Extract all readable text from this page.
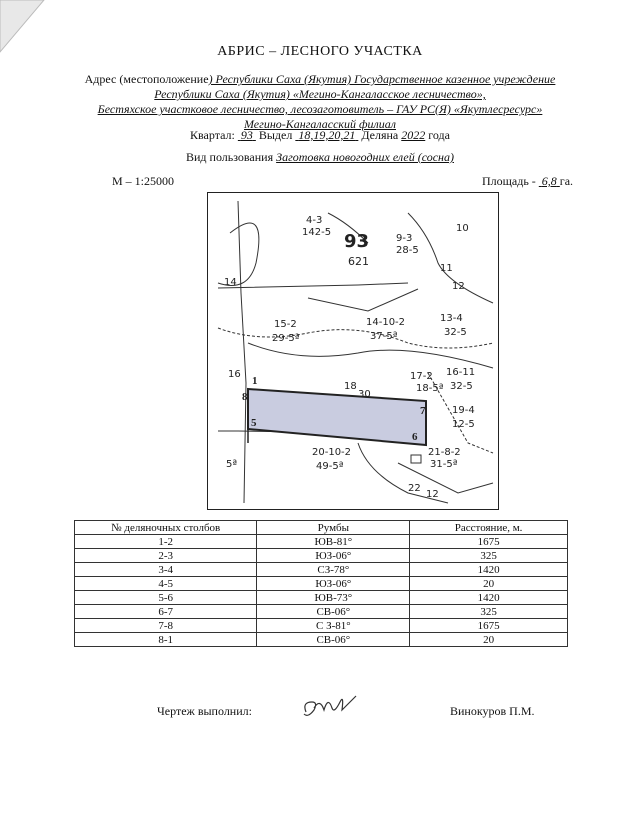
АБРИС – ЛЕСНОГО УЧАСТКА
Адрес (местоположение) Республики Саха (Якутия) Государственное казенное учреждение
Республики Саха (Якутия) «Мегино-Кангаласское лесничество»,
Бестяхское участковое лесничество, лесозаготовитель – ГАУ РС(Я) «Якутлесресурс»
Мегино-Кангаласский филиал
Квартал: 93 Выдел 18,19,20,21 Деляна 2022 года
Вид пользования Заготовка новогодних елей (сосна)
М – 1:25000	Площадь - 6,8 га.
93
621
4-3
142-5
9-3
28-5
10
11
12
15-2
29-5ª
14-10-2
37-5ª
13-4
32-5
18
30
17-2
18-5ª
16-11
32-5
19-4
12-5
21-8-2
31-5ª
20-10-2
49-5ª
22
12
16
5ª
14
1
8
5
6
7
№ деляночных столбов	Румбы	Расстояние, м.
1-2	ЮВ-81°	1675
2-3	ЮЗ-06°	325
3-4	СЗ-78°	1420
4-5	ЮЗ-06°	20
5-6	ЮВ-73°	1420
6-7	СВ-06°	325
7-8	С З-81°	1675
8-1	СВ-06°	20
Чертеж выполнил:	Винокуров П.М.
